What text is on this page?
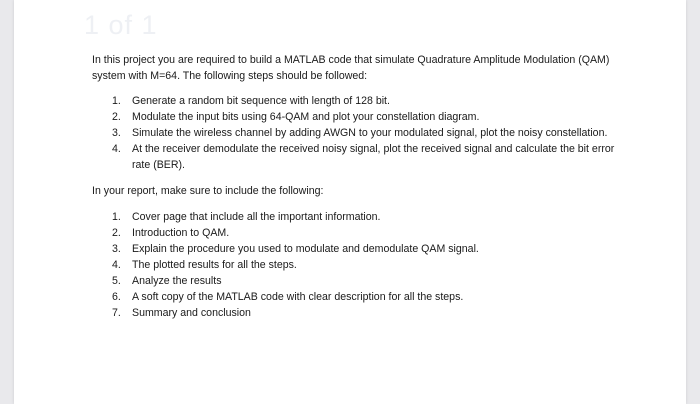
1 of 1

In this project you are required to build a MATLAB code that simulate Quadrature Amplitude Modulation (QAM) system with M=64. The following steps should be followed:

1. Generate a random bit sequence with length of 128 bit.
2. Modulate the input bits using 64-QAM and plot your constellation diagram.
3. Simulate the wireless channel by adding AWGN to your modulated signal, plot the noisy constellation.
4. At the receiver demodulate the received noisy signal, plot the received signal and calculate the bit error rate (BER).

In your report, make sure to include the following:

1. Cover page that include all the important information.
2. Introduction to QAM.
3. Explain the procedure you used to modulate and demodulate QAM signal.
4. The plotted results for all the steps.
5. Analyze the results
6. A soft copy of the MATLAB code with clear description for all the steps.
7. Summary and conclusion
